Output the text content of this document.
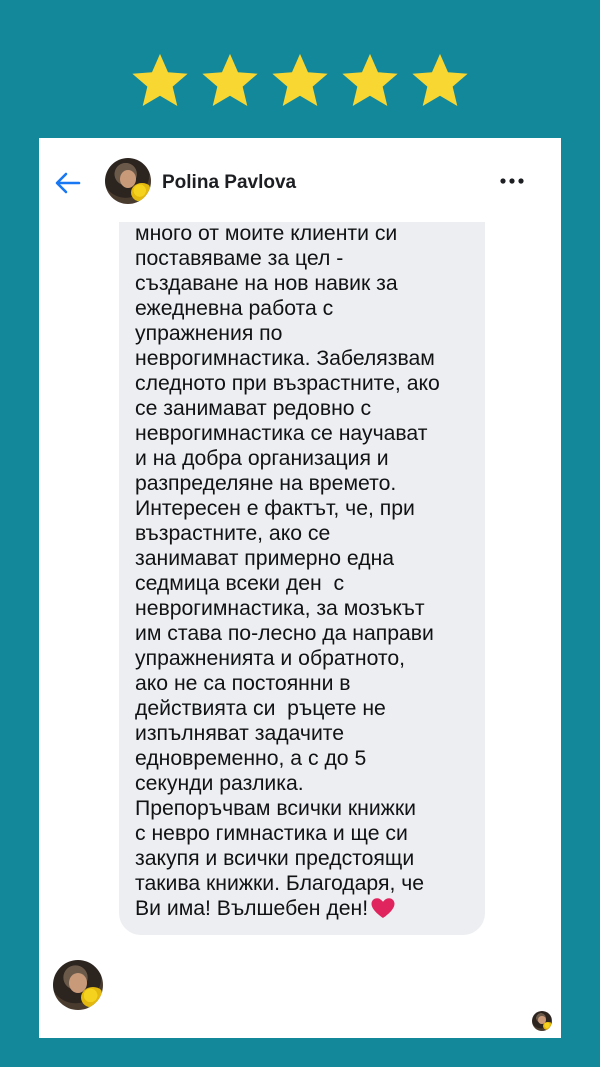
Polina Pavlova

много от моите клиенти си
поставяваме за цел -
създаване на нов навик за
ежедневна работа с
упражнения по
неврогимнастика. Забелязвам
следното при възрастните, ако
се занимават редовно с
неврогимнастика се научават
и на добра организация и
разпределяне на времето.
Интересен е фактът, че, при
възрастните, ако се
занимават примерно една
седмица всеки ден  с
неврогимнастика, за мозъкът
им става по-лесно да направи
упражненията и обратното,
ако не са постоянни в
действията си  ръцете не
изпълняват задачите
едновременно, а с до 5
секунди разлика.
Препоръчвам всички книжки
с невро гимнастика и ще си
закупя и всички предстоящи
такива книжки. Благодаря, че
Ви има! Вълшебен ден!
